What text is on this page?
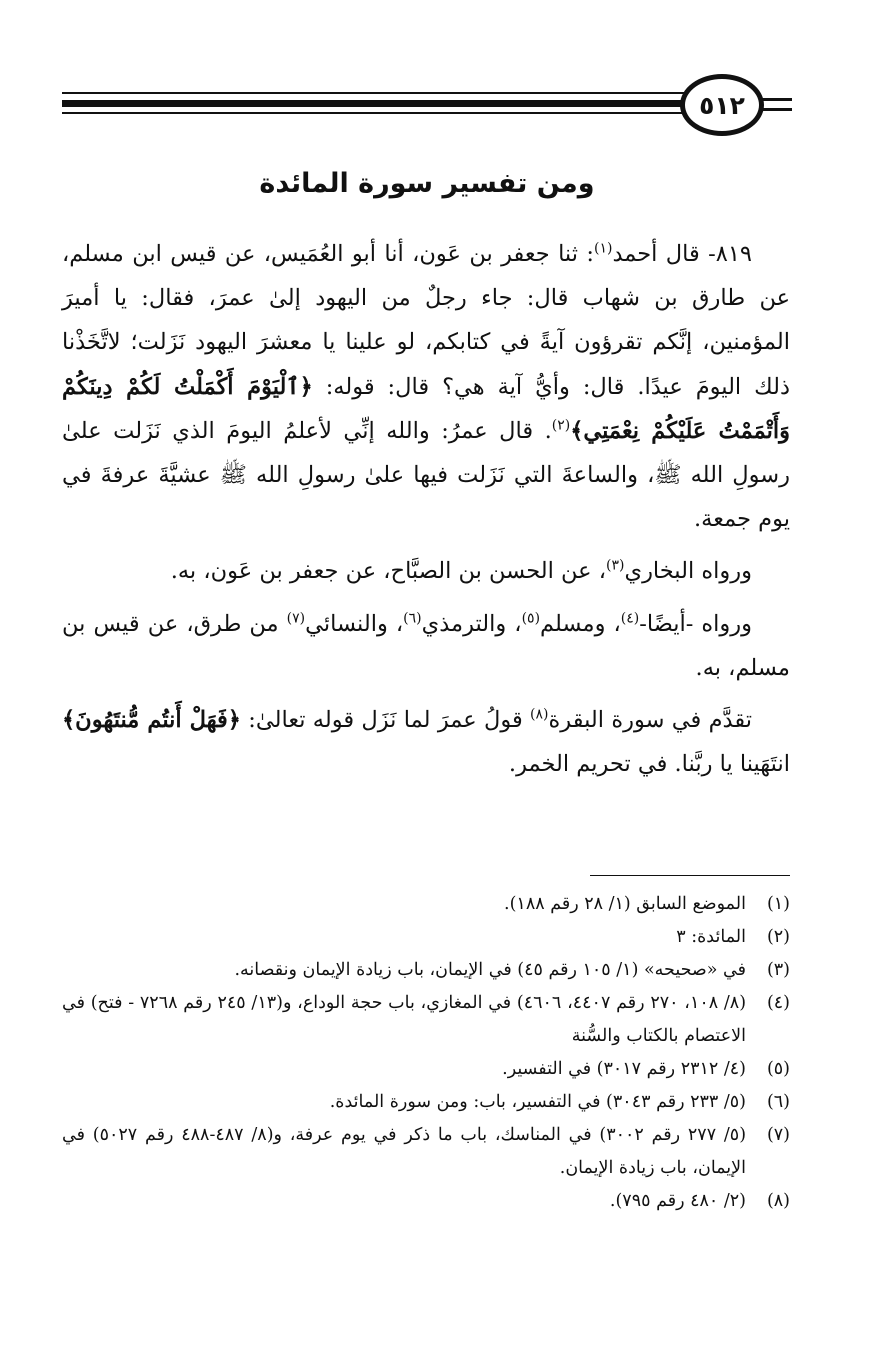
٥١٢
ومن تفسير سورة المائدة

٨١٩- قال أحمد$^{(١)}$: ثنا جعفر بن عَون، أنا أبو العُمَيس، عن قيس ابن مسلم، عن طارق بن شهاب قال: جاء رجلٌ من اليهود إلىٰ عمرَ، فقال: يا أميرَ المؤمنين، إنَّكم تقرؤون آيةً في كتابكم، لو علينا يا معشرَ اليهود نَزَلت؛ لاتَّخَذْنا ذلك اليومَ عيدًا. قال: وأيُّ آية هي؟ قال: قوله: ﴿ٱلْيَوْمَ أَكْمَلْتُ لَكُمْ دِينَكُمْ وَأَتْمَمْتُ عَلَيْكُمْ نِعْمَتِي﴾$^{(٢)}$. قال عمرُ: والله إنِّي لأعلمُ اليومَ الذي نَزَلت علىٰ رسولِ الله ﷺ، والساعةَ التي نَزَلت فيها علىٰ رسولِ الله ﷺ عشيَّةَ عرفةَ في يوم جمعة.

ورواه البخاري$^{(٣)}$، عن الحسن بن الصبَّاح، عن جعفر بن عَون، به.

ورواه -أيضًا-$^{(٤)}$، ومسلم$^{(٥)}$، والترمذي$^{(٦)}$، والنسائي$^{(٧)}$ من طرق، عن قيس بن مسلم، به.

تقدَّم في سورة البقرة$^{(٨)}$ قولُ عمرَ لما نَزَل قوله تعالىٰ: ﴿فَهَلْ أَنتُم مُّنتَهُونَ﴾ انتَهَينا يا ربَّنا. في تحريم الخمر.

(١)
الموضع السابق (١/ ٢٨ رقم ١٨٨).
(٢)
المائدة: ٣
(٣)
في «صحيحه» (١/ ١٠٥ رقم ٤٥) في الإيمان، باب زيادة الإيمان ونقصانه.
(٤)
(٨/ ١٠٨، ٢٧٠ رقم ٤٤٠٧، ٤٦٠٦) في المغازي، باب حجة الوداع، و(١٣/ ٢٤٥ رقم ٧٢٦٨ - فتح) في الاعتصام بالكتاب والسُّنة
(٥)
(٤/ ٢٣١٢ رقم ٣٠١٧) في التفسير.
(٦)
(٥/ ٢٣٣ رقم ٣٠٤٣) في التفسير، باب: ومن سورة المائدة.
(٧)
(٥/ ٢٧٧ رقم ٣٠٠٢) في المناسك، باب ما ذكر في يوم عرفة، و(٨/ ٤٨٧-٤٨٨ رقم ٥٠٢٧) في الإيمان، باب زيادة الإيمان.
(٨)
(٢/ ٤٨٠ رقم ٧٩٥).
